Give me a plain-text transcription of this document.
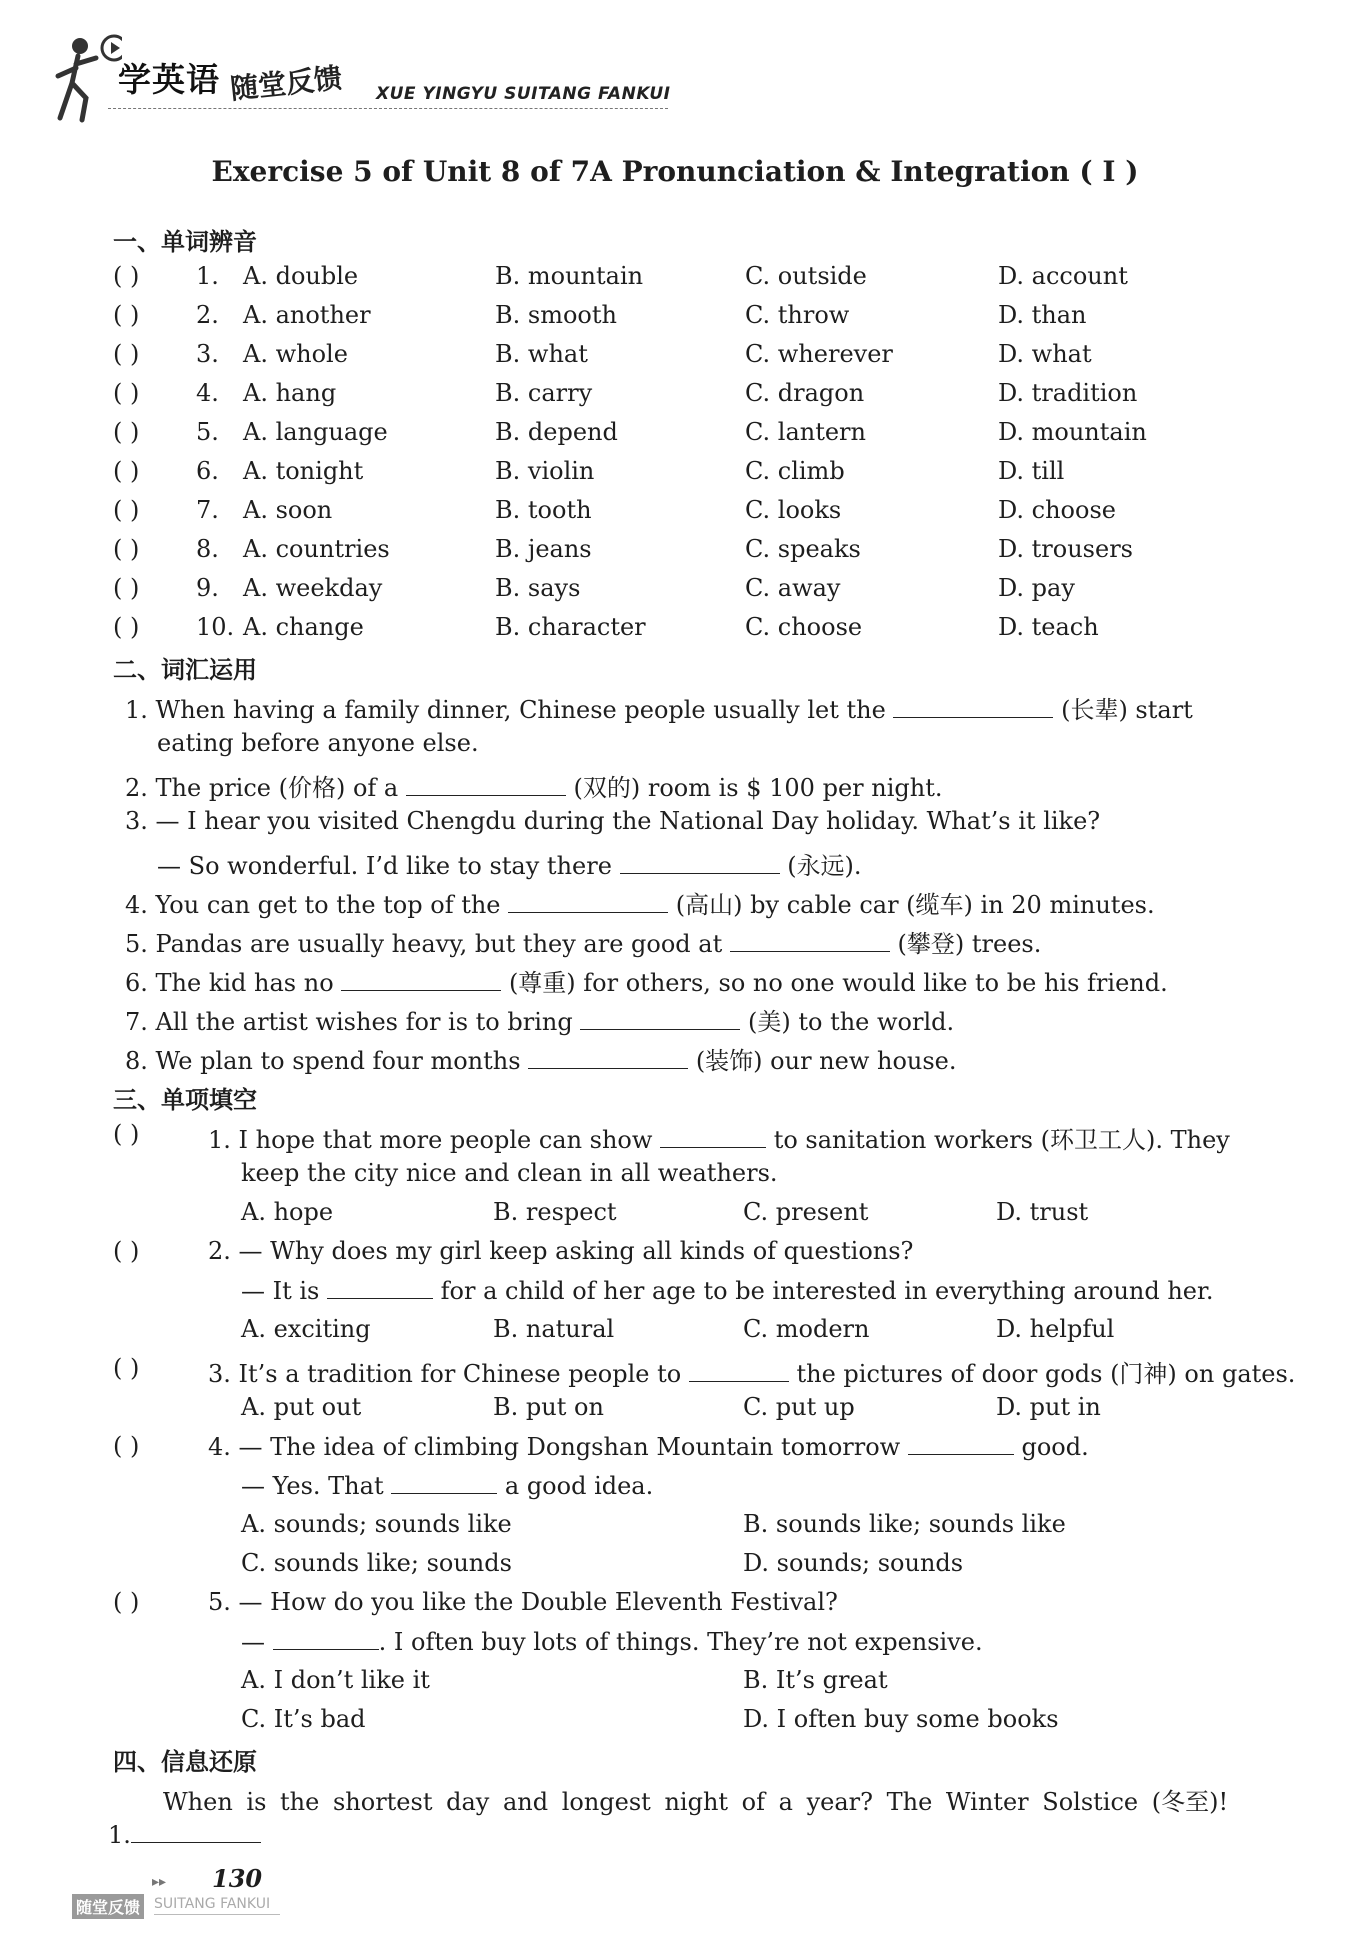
学英语 随堂反馈 XUE YINGYU SUITANG FANKUI
Exercise 5 of Unit 8 of 7A Pronunciation & Integration ( Ⅰ )
一、单词辨音
( ) 1. A. double	B. mountain	C. outside	D. account
( ) 2. A. another	B. smooth	C. throw	D. than
( ) 3. A. whole	B. what	C. wherever	D. what
( ) 4. A. hang	B. carry	C. dragon	D. tradition
( ) 5. A. language	B. depend	C. lantern	D. mountain
( ) 6. A. tonight	B. violin	C. climb	D. till
( ) 7. A. soon	B. tooth	C. looks	D. choose
( ) 8. A. countries	B. jeans	C. speaks	D. trousers
( ) 9. A. weekday	B. says	C. away	D. pay
( ) 10. A. change	B. character	C. choose	D. teach
二、词汇运用
1. When having a family dinner, Chinese people usually let the	(长辈) start
eating before anyone else.
2. The price (价格) of a	(双的) room is $ 100 per night.
3. — I hear you visited Chengdu during the National Day holiday. What’s it like?
— So wonderful. I’d like to stay there	(永远).
4. You can get to the top of the	(高山) by cable car (缆车) in 20 minutes.
5. Pandas are usually heavy, but they are good at	(攀登) trees.
6. The kid has no	(尊重) for others, so no one would like to be his friend.
7. All the artist wishes for is to bring	(美) to the world.
8. We plan to spend four months	(装饰) our new house.
三、单项填空
( )	1. I hope that more people can show	to sanitation workers (环卫工人). They
keep the city nice and clean in all weathers.
A. hope	B. respect	C. present	D. trust
( )	2. — Why does my girl keep asking all kinds of questions?
— It is	for a child of her age to be interested in everything around her.
A. exciting	B. natural	C. modern	D. helpful
( )	3. It’s a tradition for Chinese people to	the pictures of door gods (门神) on gates.
A. put out	B. put on	C. put up	D. put in
( )	4. — The idea of climbing Dongshan Mountain tomorrow	good.
— Yes. That	a good idea.
A. sounds; sounds like	B. sounds like; sounds like
C. sounds like; sounds	D. sounds; sounds
( )	5. — How do you like the Double Eleventh Festival?
—	. I often buy lots of things. They’re not expensive.
A. I don’t like it	B. It’s great
C. It’s bad	D. I often buy some books
四、信息还原
When is the shortest day and longest night of a year? The Winter Solstice (冬至)!
1.
▸▸ 130
随堂反馈 SUITANG FANKUI
